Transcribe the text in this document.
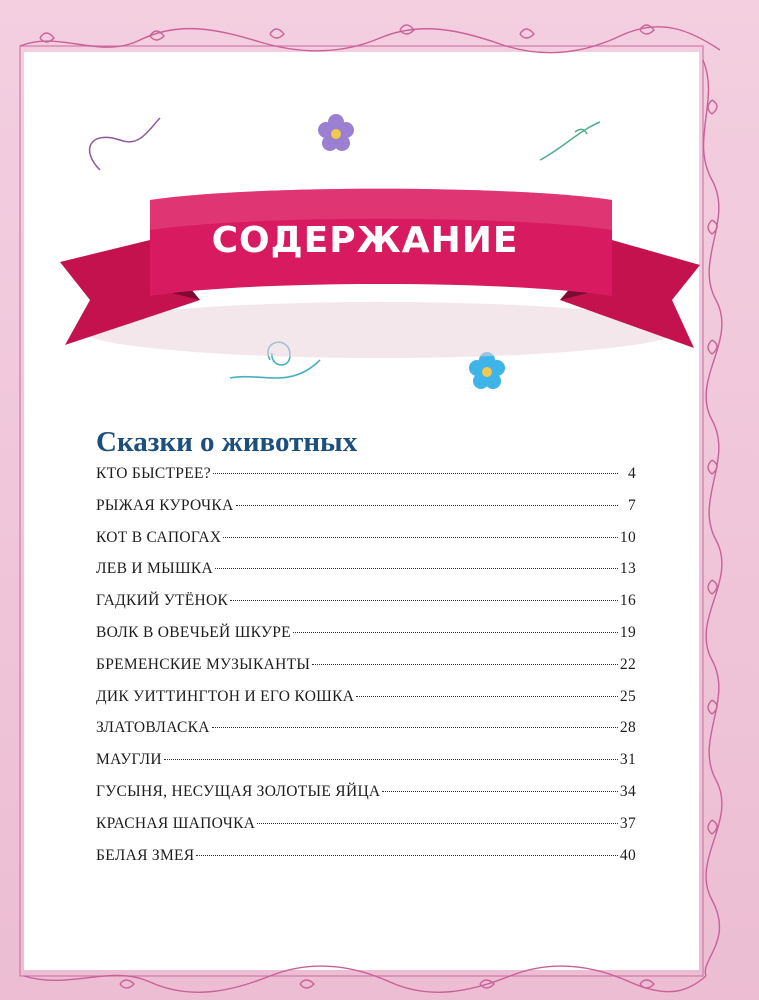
СОДЕРЖАНИЕ
Сказки о животных
КТО БЫСТРЕЕ?	4
РЫЖАЯ КУРОЧКА	7
КОТ В САПОГАХ	10
ЛЕВ И МЫШКА	13
ГАДКИЙ УТЁНОК	16
ВОЛК В ОВЕЧЬЕЙ ШКУРЕ	19
БРЕМЕНСКИЕ МУЗЫКАНТЫ	22
ДИК УИТТИНГТОН И ЕГО КОШКА	25
ЗЛАТОВЛАСКА	28
МАУГЛИ	31
ГУСЫНЯ, НЕСУЩАЯ ЗОЛОТЫЕ ЯЙЦА	34
КРАСНАЯ ШАПОЧКА	37
БЕЛАЯ ЗМЕЯ	40
